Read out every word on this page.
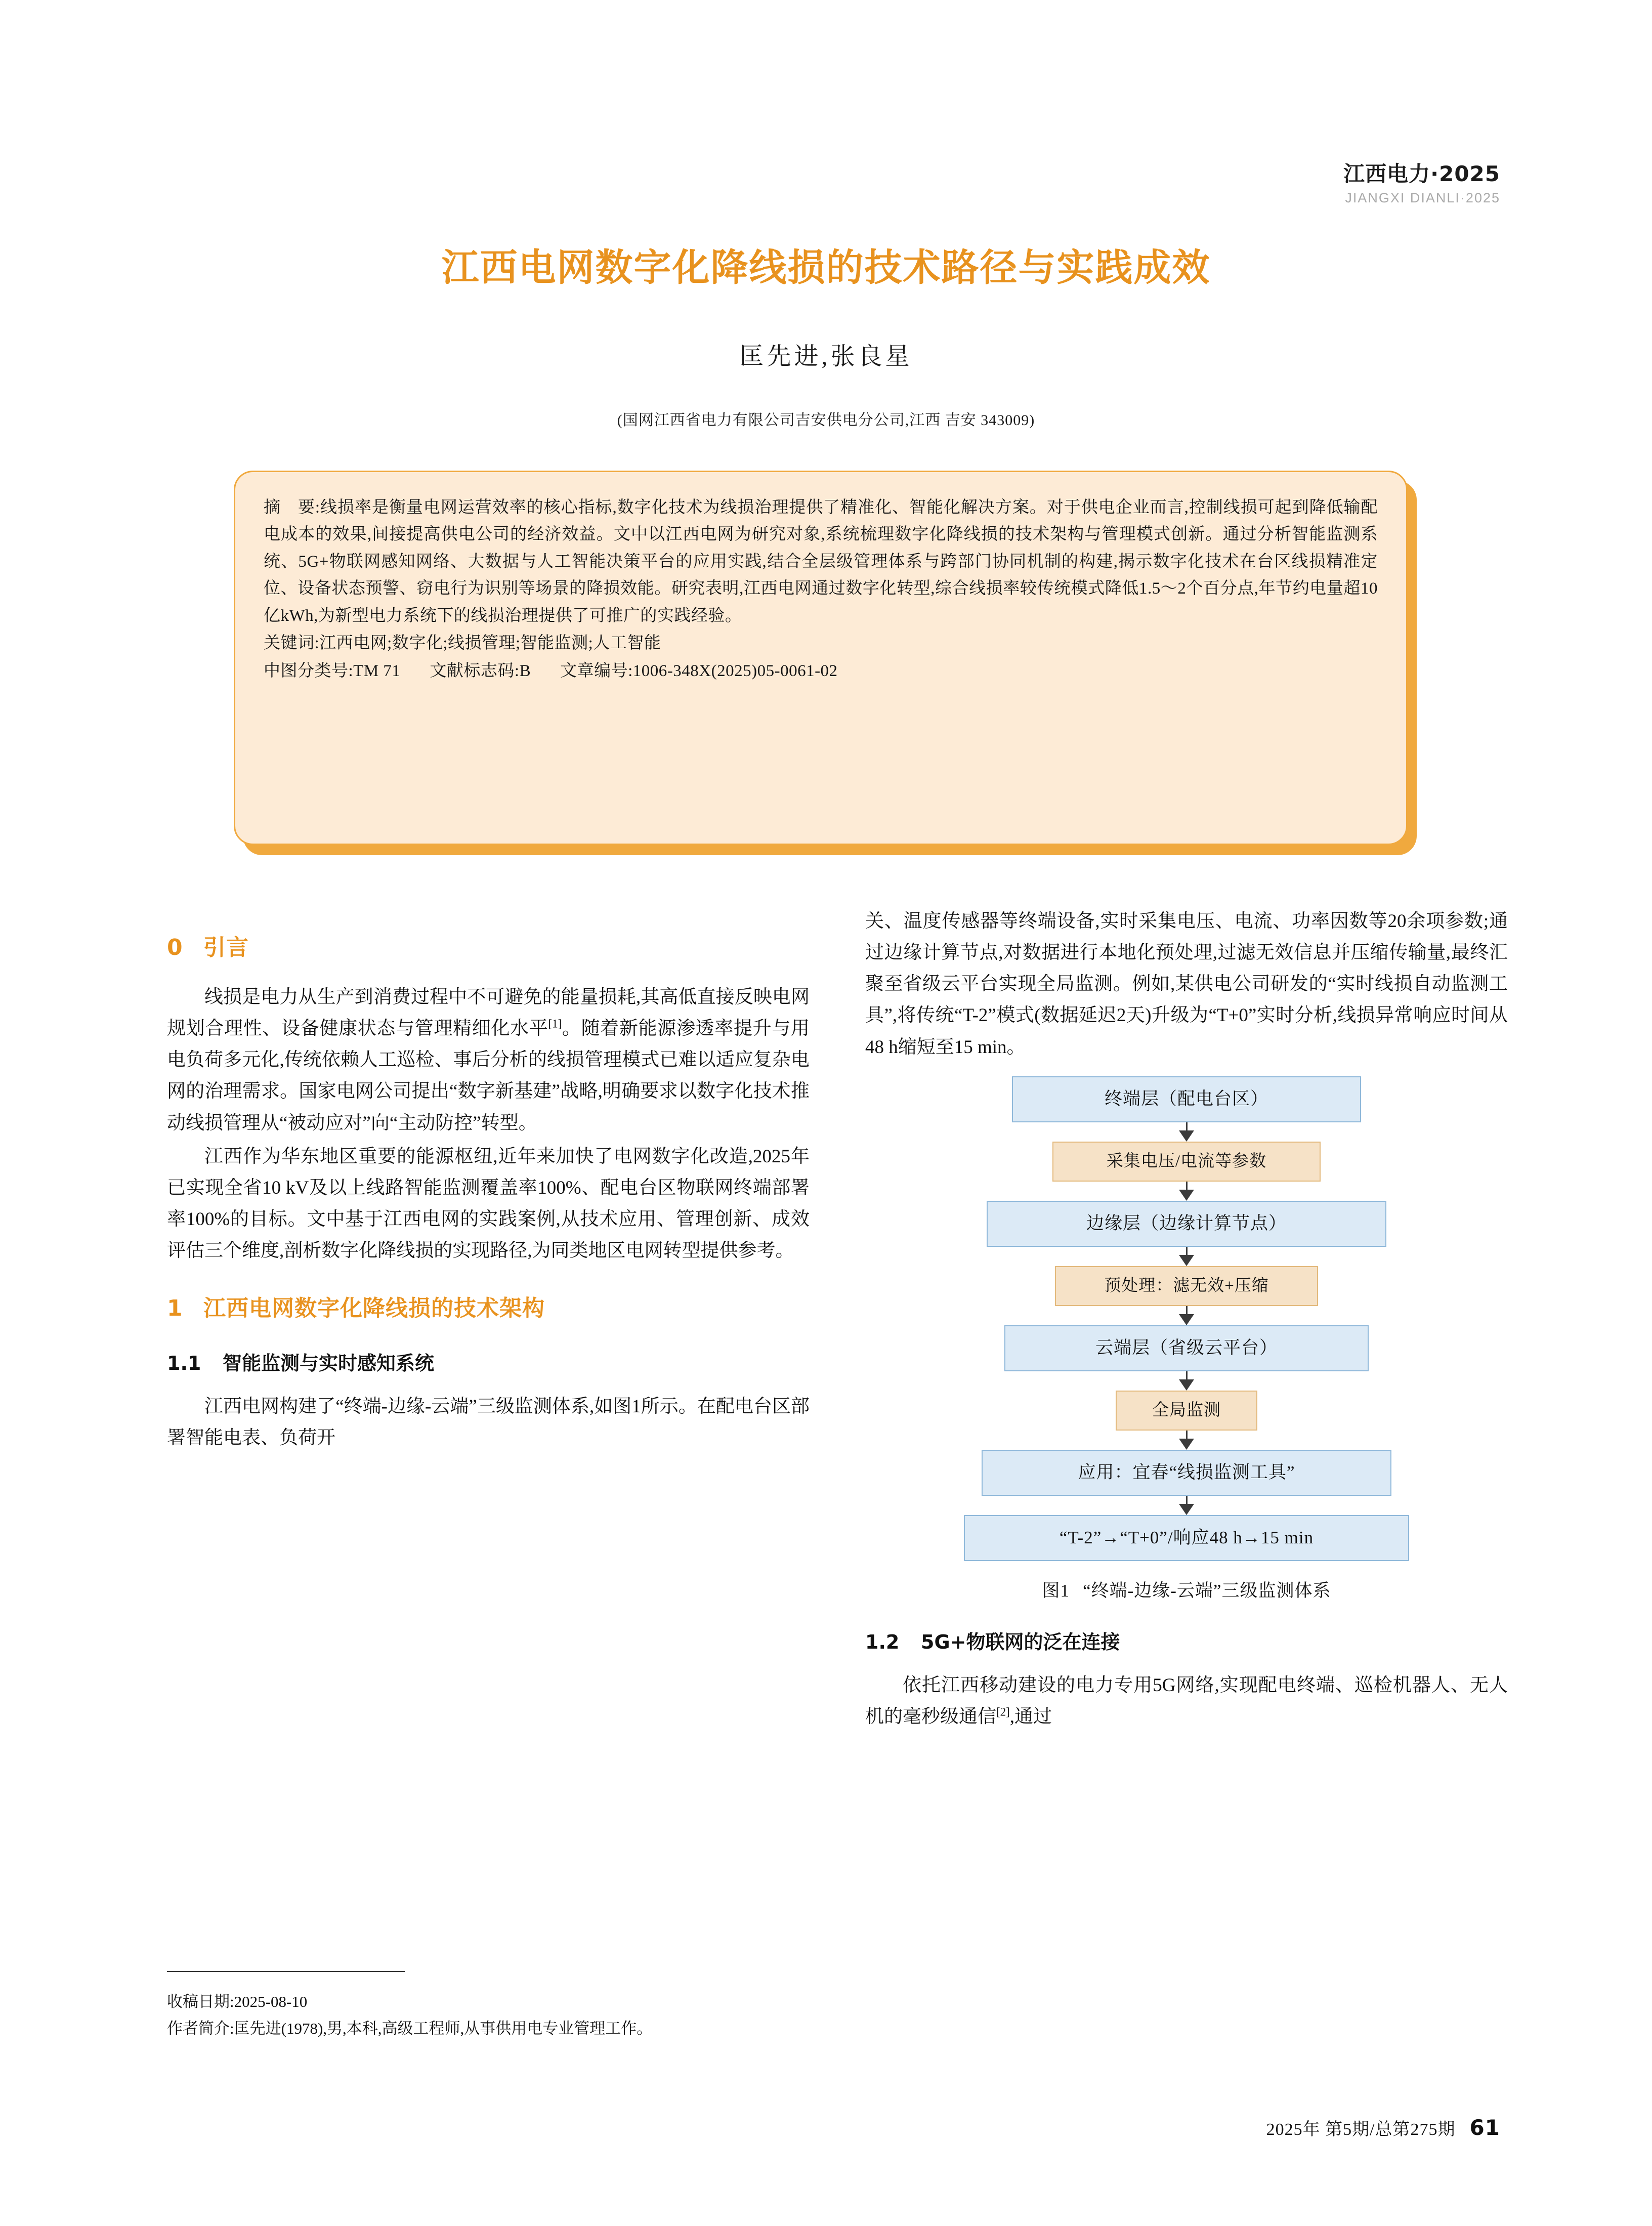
江西电力·2025
JIANGXI DIANLI·2025
江西电网数字化降线损的技术路径与实践成效
匡先进,张良星
(国网江西省电力有限公司吉安供电分公司,江西 吉安 343009)
摘　要:线损率是衡量电网运营效率的核心指标,数字化技术为线损治理提供了精准化、智能化解决方案。对于供电企业而言,控制线损可起到降低输配电成本的效果,间接提高供电公司的经济效益。文中以江西电网为研究对象,系统梳理数字化降线损的技术架构与管理模式创新。通过分析智能监测系统、5G+物联网感知网络、大数据与人工智能决策平台的应用实践,结合全层级管理体系与跨部门协同机制的构建,揭示数字化技术在台区线损精准定位、设备状态预警、窃电行为识别等场景的降损效能。研究表明,江西电网通过数字化转型,综合线损率较传统模式降低1.5～2个百分点,年节约电量超10亿kWh,为新型电力系统下的线损治理提供了可推广的实践经验。
关键词:江西电网;数字化;线损管理;智能监测;人工智能
中图分类号:TM 71 文献标志码:B 文章编号:1006-348X(2025)05-0061-02
0 引言

线损是电力从生产到消费过程中不可避免的能量损耗,其高低直接反映电网规划合理性、设备健康状态与管理精细化水平[1]。随着新能源渗透率提升与用电负荷多元化,传统依赖人工巡检、事后分析的线损管理模式已难以适应复杂电网的治理需求。国家电网公司提出“数字新基建”战略,明确要求以数字化技术推动线损管理从“被动应对”向“主动防控”转型。

江西作为华东地区重要的能源枢纽,近年来加快了电网数字化改造,2025年已实现全省10 kV及以上线路智能监测覆盖率100%、配电台区物联网终端部署率100%的目标。文中基于江西电网的实践案例,从技术应用、管理创新、成效评估三个维度,剖析数字化降线损的实现路径,为同类地区电网转型提供参考。

1 江西电网数字化降线损的技术架构
1.1 智能监测与实时感知系统

江西电网构建了“终端-边缘-云端”三级监测体系,如图1所示。在配电台区部署智能电表、负荷开

关、温度传感器等终端设备,实时采集电压、电流、功率因数等20余项参数;通过边缘计算节点,对数据进行本地化预处理,过滤无效信息并压缩传输量,最终汇聚至省级云平台实现全局监测。例如,某供电公司研发的“实时线损自动监测工具”,将传统“T-2”模式(数据延迟2天)升级为“T+0”实时分析,线损异常响应时间从48 h缩短至15 min。

终端层（配电台区）
采集电压/电流等参数
边缘层（边缘计算节点）
预处理：滤无效+压缩
云端层（省级云平台）
全局监测
应用：宜春“线损监测工具”
“T-2”→“T+0”/响应48 h→15 min
图1 “终端-边缘-云端”三级监测体系
1.2 5G+物联网的泛在连接

依托江西移动建设的电力专用5G网络,实现配电终端、巡检机器人、无人机的毫秒级通信[2],通过

收稿日期:2025-08-10
作者简介:匡先进(1978),男,本科,高级工程师,从事供用电专业管理工作。
2025年 第5期/总第275期 61
